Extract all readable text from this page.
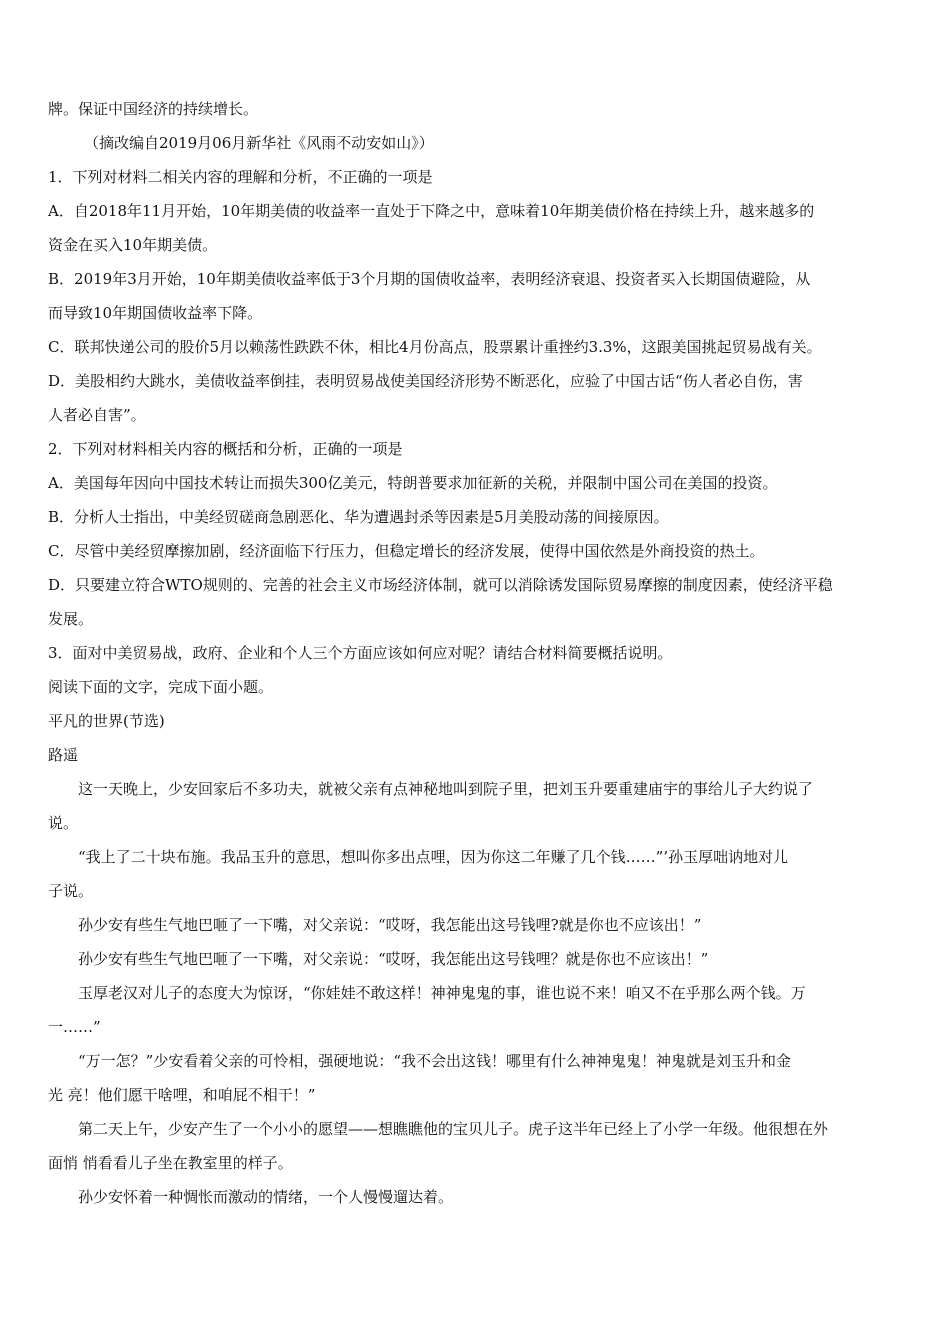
牌。保证中国经济的持续增长。
（摘改编自2019月06月新华社《风雨不动安如山》）
1．下列对材料二相关内容的理解和分析，不正确的一项是
A．自2018年11月开始，10年期美债的收益率一直处于下降之中，意味着10年期美债价格在持续上升，越来越多的
资金在买入10年期美债。
B．2019年3月开始，10年期美债收益率低于3个月期的国债收益率，表明经济衰退、投资者买入长期国债避险，从
而导致10年期国债收益率下降。
C．联邦快递公司的股价5月以赖荡性跌跌不休，相比4月份高点，股票累计重挫约3.3%，这跟美国挑起贸易战有关。
D．美股相约大跳水，美债收益率倒挂，表明贸易战使美国经济形势不断恶化，应验了中国古话“伤人者必自伤，害
人者必自害”。
2．下列对材料相关内容的概括和分析，正确的一项是
A．美国每年因向中国技术转让而损失300亿美元，特朗普要求加征新的关税，并限制中国公司在美国的投资。
B．分析人士指出，中美经贸磋商急剧恶化、华为遭遇封杀等因素是5月美股动荡的间接原因。
C．尽管中美经贸摩擦加剧，经济面临下行压力，但稳定增长的经济发展，使得中国依然是外商投资的热土。
D．只要建立符合WTO规则的、完善的社会主义市场经济体制，就可以消除诱发国际贸易摩擦的制度因素，使经济平稳
发展。
3．面对中美贸易战，政府、企业和个人三个方面应该如何应对呢？请结合材料简要概括说明。
阅读下面的文字，完成下面小题。
平凡的世界(节选)
路遥
这一天晚上，少安回家后不多功夫，就被父亲有点神秘地叫到院子里，把刘玉升要重建庙宇的事给儿子大约说了
说。
“我上了二十块布施。我品玉升的意思，想叫你多出点哩，因为你这二年赚了几个钱……”’孙玉厚咄讷地对儿
子说。
孙少安有些生气地巴咂了一下嘴，对父亲说：“哎呀，我怎能出这号钱哩?就是你也不应该出！”
孙少安有些生气地巴咂了一下嘴，对父亲说：“哎呀，我怎能出这号钱哩？就是你也不应该出！”
玉厚老汉对儿子的态度大为惊讶，“你娃娃不敢这样！神神鬼鬼的事，谁也说不来！咱又不在乎那么两个钱。万
一……”
“万一怎？”少安看着父亲的可怜相，强硬地说：“我不会出这钱！哪里有什么神神鬼鬼！神鬼就是刘玉升和金
光 亮！他们愿干啥哩，和咱屁不相干！”
第二天上午，少安产生了一个小小的愿望——想瞧瞧他的宝贝儿子。虎子这半年已经上了小学一年级。他很想在外
面悄 悄看看儿子坐在教室里的样子。
孙少安怀着一种惆怅而激动的情绪，一个人慢慢遛达着。
